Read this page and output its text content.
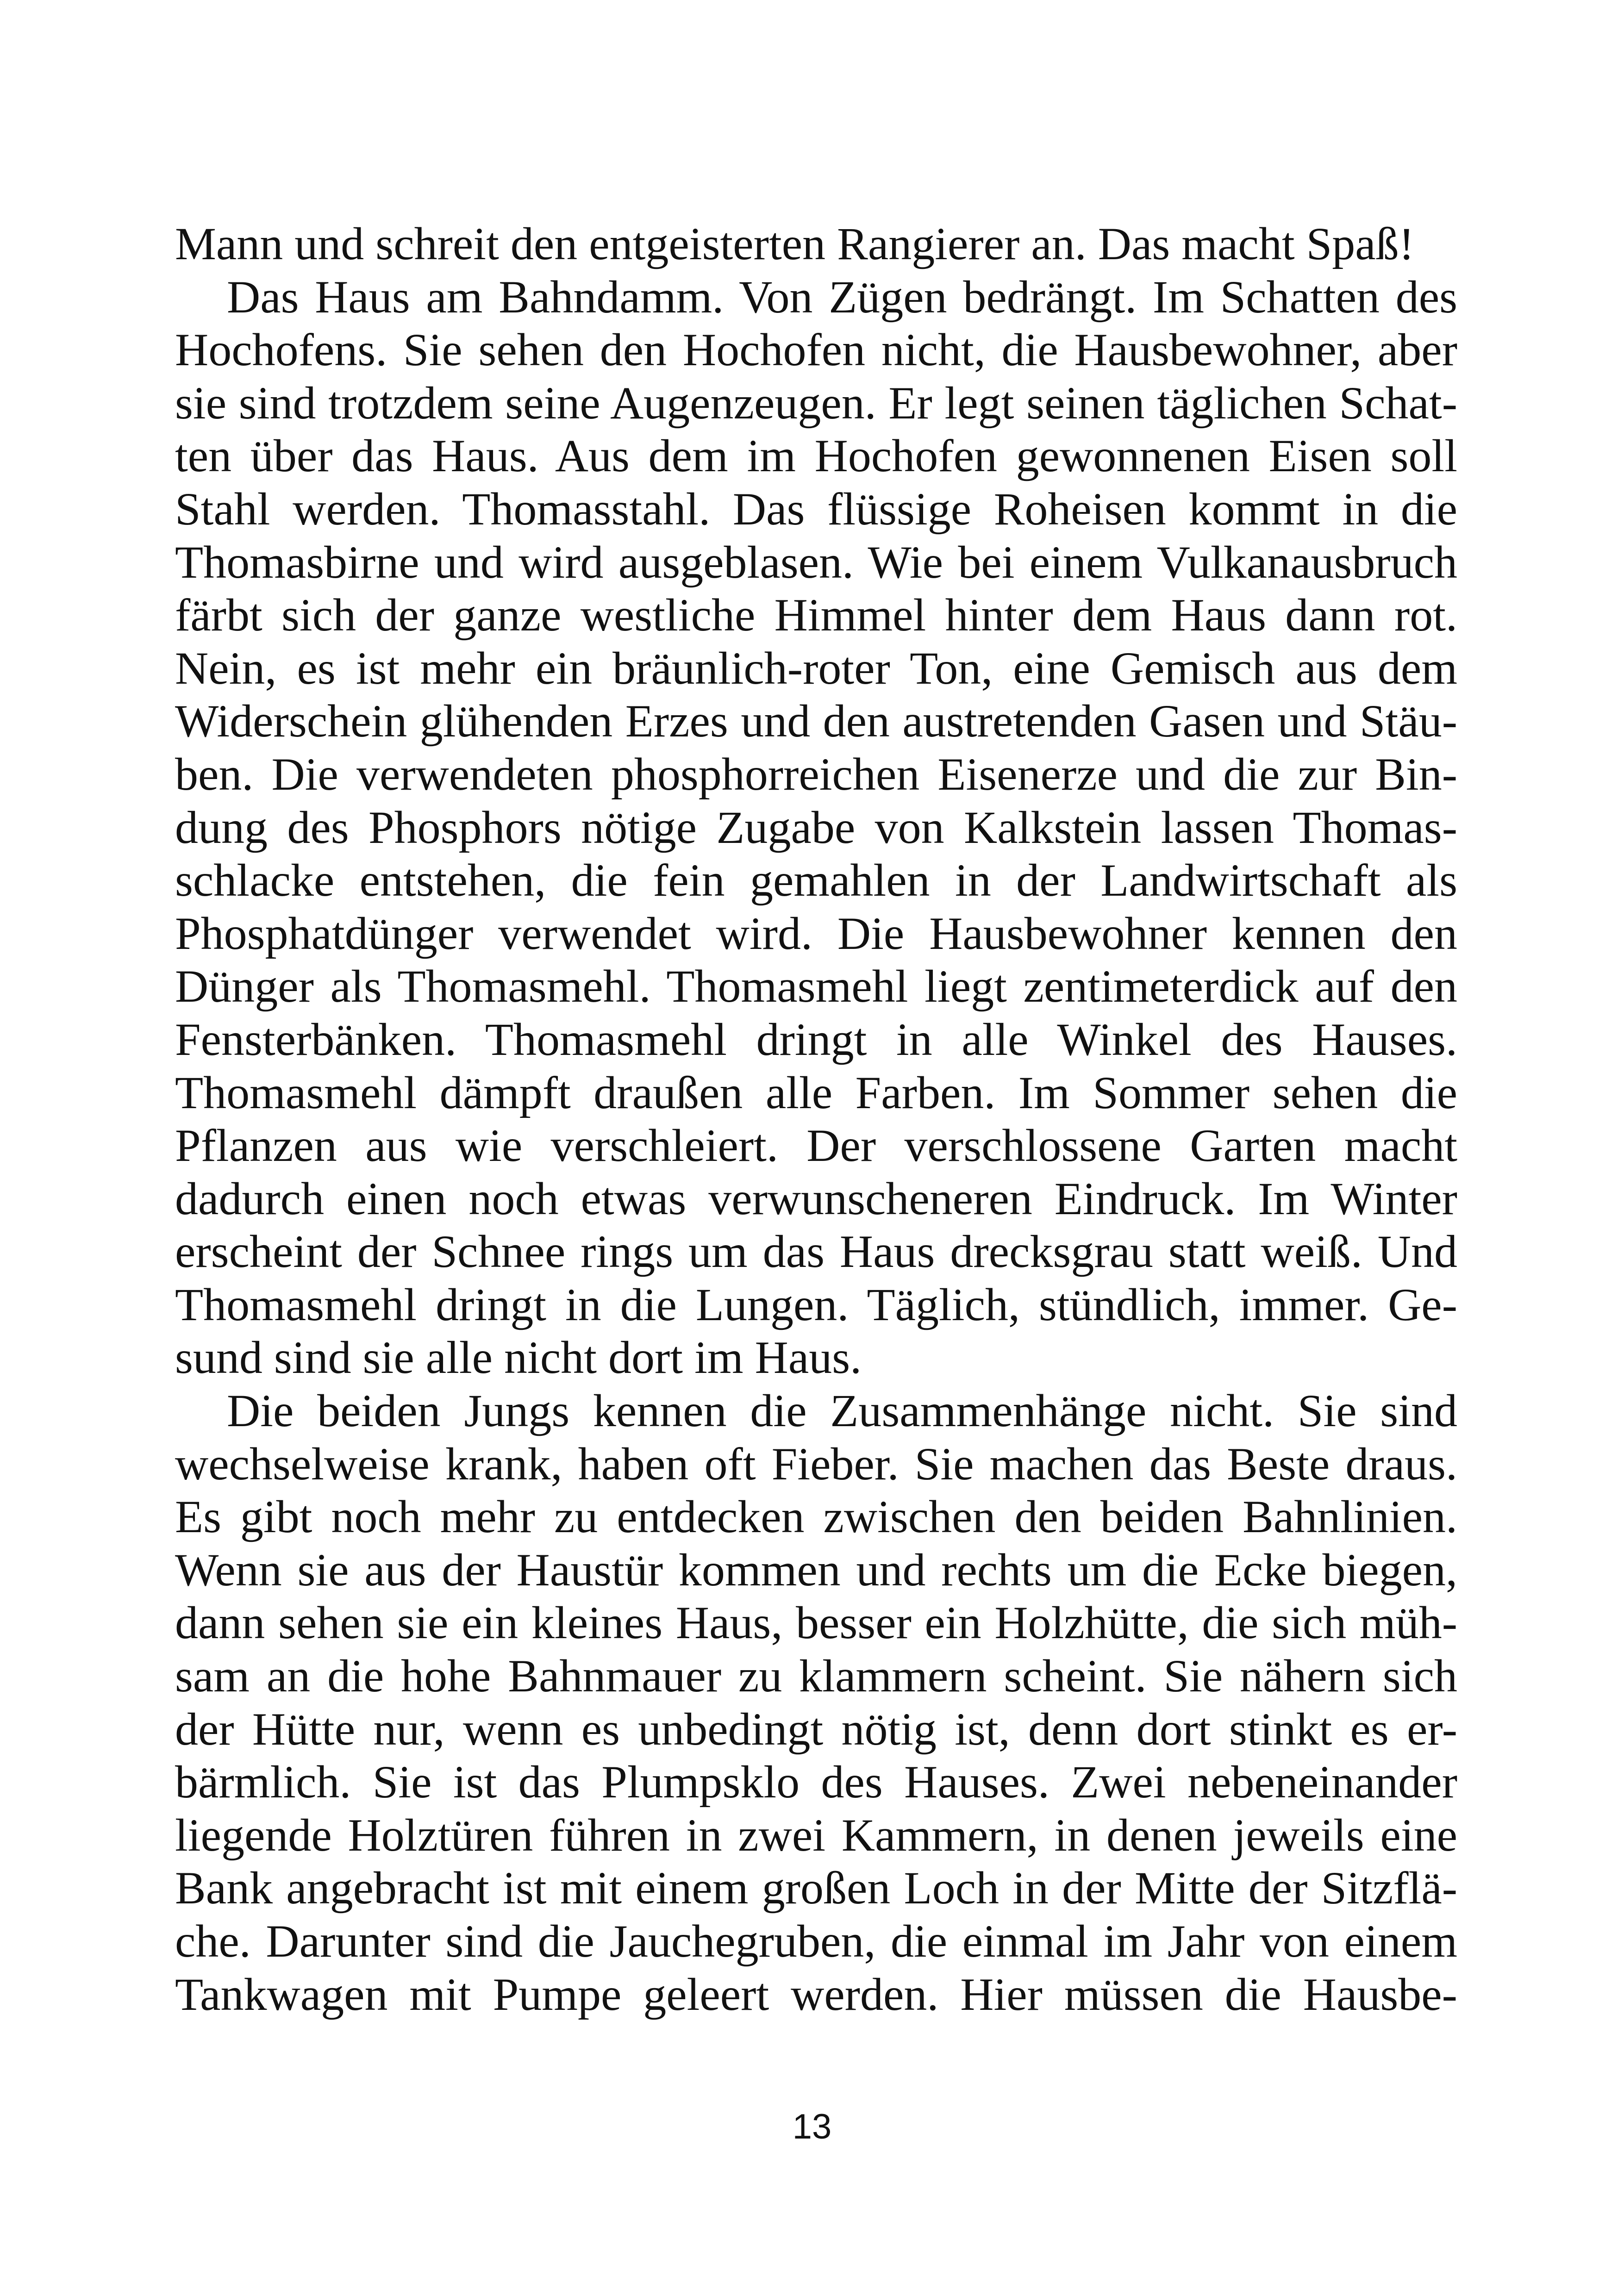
Mann und schreit den entgeisterten Rangierer an. Das macht Spaß!
Das Haus am Bahndamm. Von Zügen bedrängt. Im Schatten des
Hochofens. Sie sehen den Hochofen nicht, die Hausbewohner, aber
sie sind trotzdem seine Augenzeugen. Er legt seinen täglichen Schat-
ten über das Haus. Aus dem im Hochofen gewonnenen Eisen soll
Stahl werden. Thomasstahl. Das flüssige Roheisen kommt in die
Thomasbirne und wird ausgeblasen. Wie bei einem Vulkanausbruch
färbt sich der ganze westliche Himmel hinter dem Haus dann rot.
Nein, es ist mehr ein bräunlich-roter Ton, eine Gemisch aus dem
Widerschein glühenden Erzes und den austretenden Gasen und Stäu-
ben. Die verwendeten phosphorreichen Eisenerze und die zur Bin-
dung des Phosphors nötige Zugabe von Kalkstein lassen Thomas-
schlacke entstehen, die fein gemahlen in der Landwirtschaft als
Phosphatdünger verwendet wird. Die Hausbewohner kennen den
Dünger als Thomasmehl. Thomasmehl liegt zentimeterdick auf den
Fensterbänken. Thomasmehl dringt in alle Winkel des Hauses.
Thomasmehl dämpft draußen alle Farben. Im Sommer sehen die
Pflanzen aus wie verschleiert. Der verschlossene Garten macht
dadurch einen noch etwas verwunscheneren Eindruck. Im Winter
erscheint der Schnee rings um das Haus drecksgrau statt weiß. Und
Thomasmehl dringt in die Lungen. Täglich, stündlich, immer. Ge-
sund sind sie alle nicht dort im Haus.
Die beiden Jungs kennen die Zusammenhänge nicht. Sie sind
wechselweise krank, haben oft Fieber. Sie machen das Beste draus.
Es gibt noch mehr zu entdecken zwischen den beiden Bahnlinien.
Wenn sie aus der Haustür kommen und rechts um die Ecke biegen,
dann sehen sie ein kleines Haus, besser ein Holzhütte, die sich müh-
sam an die hohe Bahnmauer zu klammern scheint. Sie nähern sich
der Hütte nur, wenn es unbedingt nötig ist, denn dort stinkt es er-
bärmlich. Sie ist das Plumpsklo des Hauses. Zwei nebeneinander
liegende Holztüren führen in zwei Kammern, in denen jeweils eine
Bank angebracht ist mit einem großen Loch in der Mitte der Sitzflä-
che. Darunter sind die Jauchegruben, die einmal im Jahr von einem
Tankwagen mit Pumpe geleert werden. Hier müssen die Hausbe-
13
